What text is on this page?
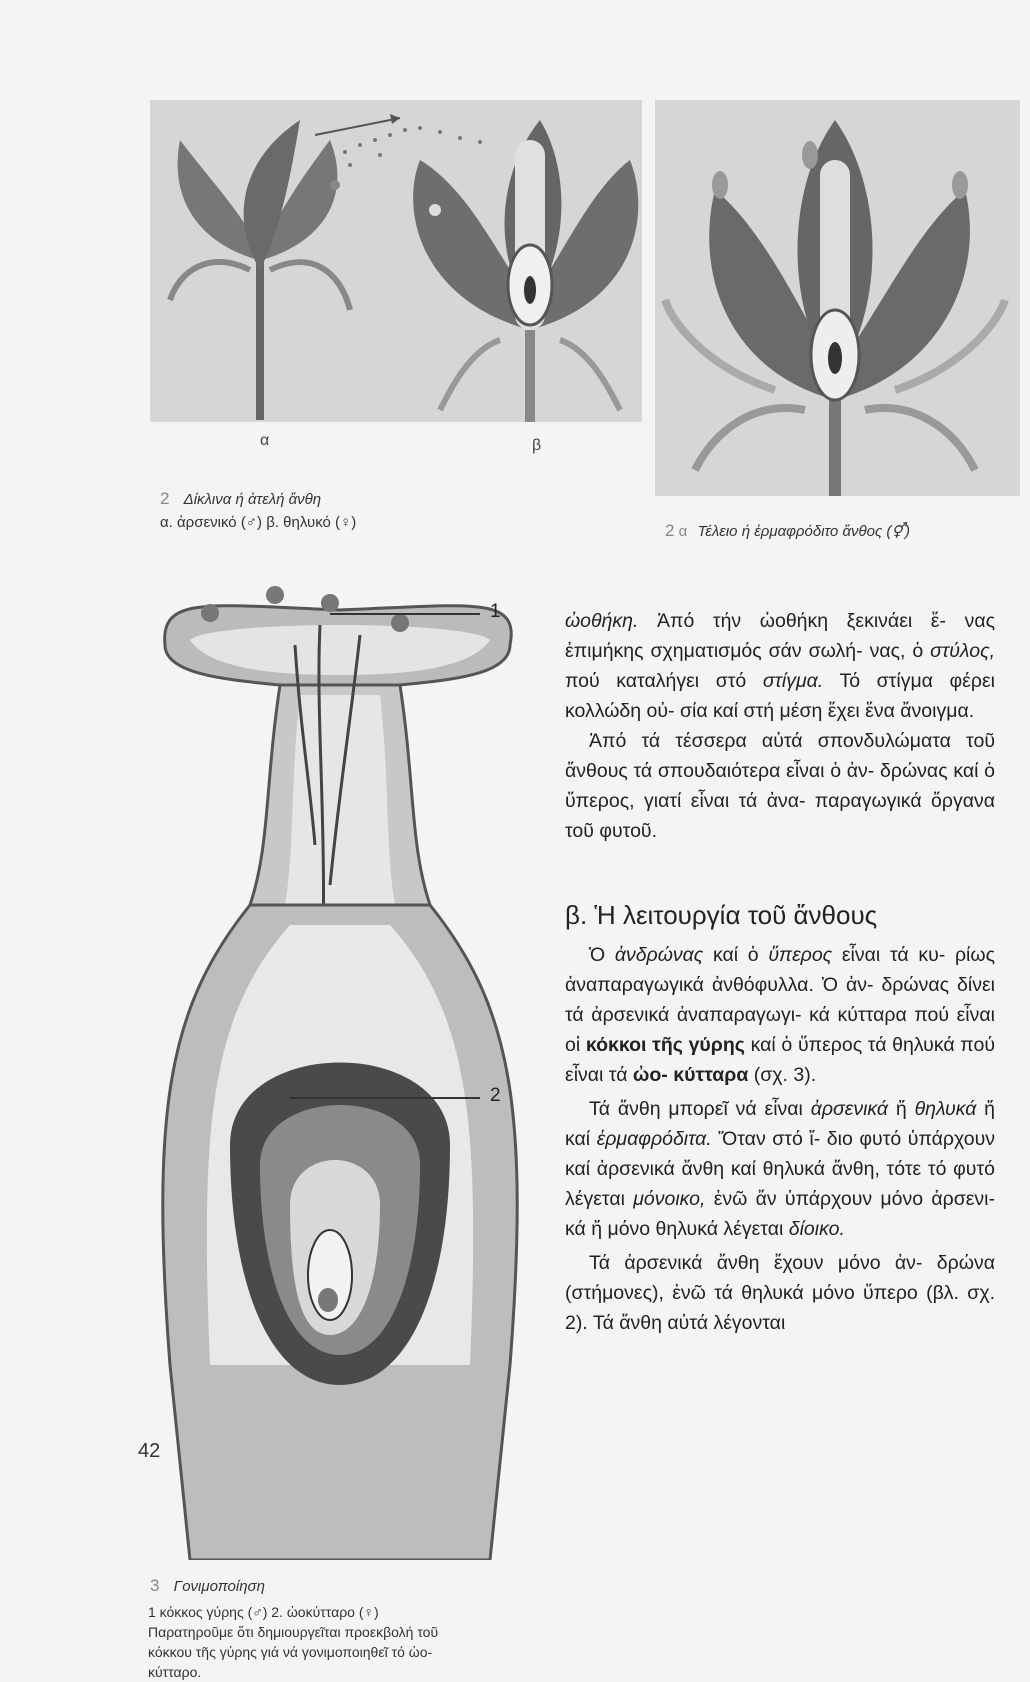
α	β
2 Δίκλινα ή ἀτελή ἄνθη
α. ἀρσενικό (♂) β. θηλυκό (♀)	2 α Τέλειο ή ἑρμαφρόδιτο ἄνθος (⚥)
1
2
3 Γονιμοποίηση
1 κόκκος γύρης (♂) 2. ὠοκύτταρο (♀)
Παρατηροῦμε ὅτι δημιουργεῖται προεκβολή τοῦ
κόκκου τῆς γύρης γιά νά γονιμοποιηθεῖ τό ὠο-
κύτταρο.

ὠοθήκη. Ἀπό τήν ὠοθήκη ξεκινάει ἕ- νας ἐπιμήκης σχηματισμός σάν σωλή- νας, ὁ στύλος, πού καταλήγει στό στίγμα. Τό στίγμα φέρει κολλώδη οὐ- σία καί στή μέση ἔχει ἕνα ἄνοιγμα.

Ἀπό τά τέσσερα αὐτά σπονδυλώματα τοῦ ἄνθους τά σπουδαιότερα εἶναι ὁ ἀν- δρώνας καί ὁ ὕπερος, γιατί εἶναι τά ἀνα- παραγωγικά ὄργανα τοῦ φυτοῦ.

β. Ἡ λειτουργία τοῦ ἄνθους

Ὁ ἀνδρώνας καί ὁ ὕπερος εἶναι τά κυ- ρίως ἀναπαραγωγικά ἀνθόφυλλα. Ὁ ἀν- δρώνας δίνει τά ἀρσενικά ἀναπαραγωγι- κά κύτταρα πού εἶναι οἱ κόκκοι τῆς γύρης καί ὁ ὕπερος τά θηλυκά πού εἶναι τά ὠο- κύτταρα (σχ. 3).

Τά ἄνθη μπορεῖ νά εἶναι ἀρσενικά ἤ θηλυκά ἤ καί ἑρμαφρόδιτα. Ὅταν στό ἴ- διο φυτό ὑπάρχουν καί ἀρσενικά ἄνθη καί θηλυκά ἄνθη, τότε τό φυτό λέγεται μόνοικο, ἐνῶ ἄν ὑπάρχουν μόνο ἀρσενι- κά ἤ μόνο θηλυκά λέγεται δίοικο.

Τά ἀρσενικά ἄνθη ἔχουν μόνο ἀν- δρώνα (στήμονες), ἐνῶ τά θηλυκά μόνο ὕπερο (βλ. σχ. 2). Τά ἄνθη αὐτά λέγονται

42
